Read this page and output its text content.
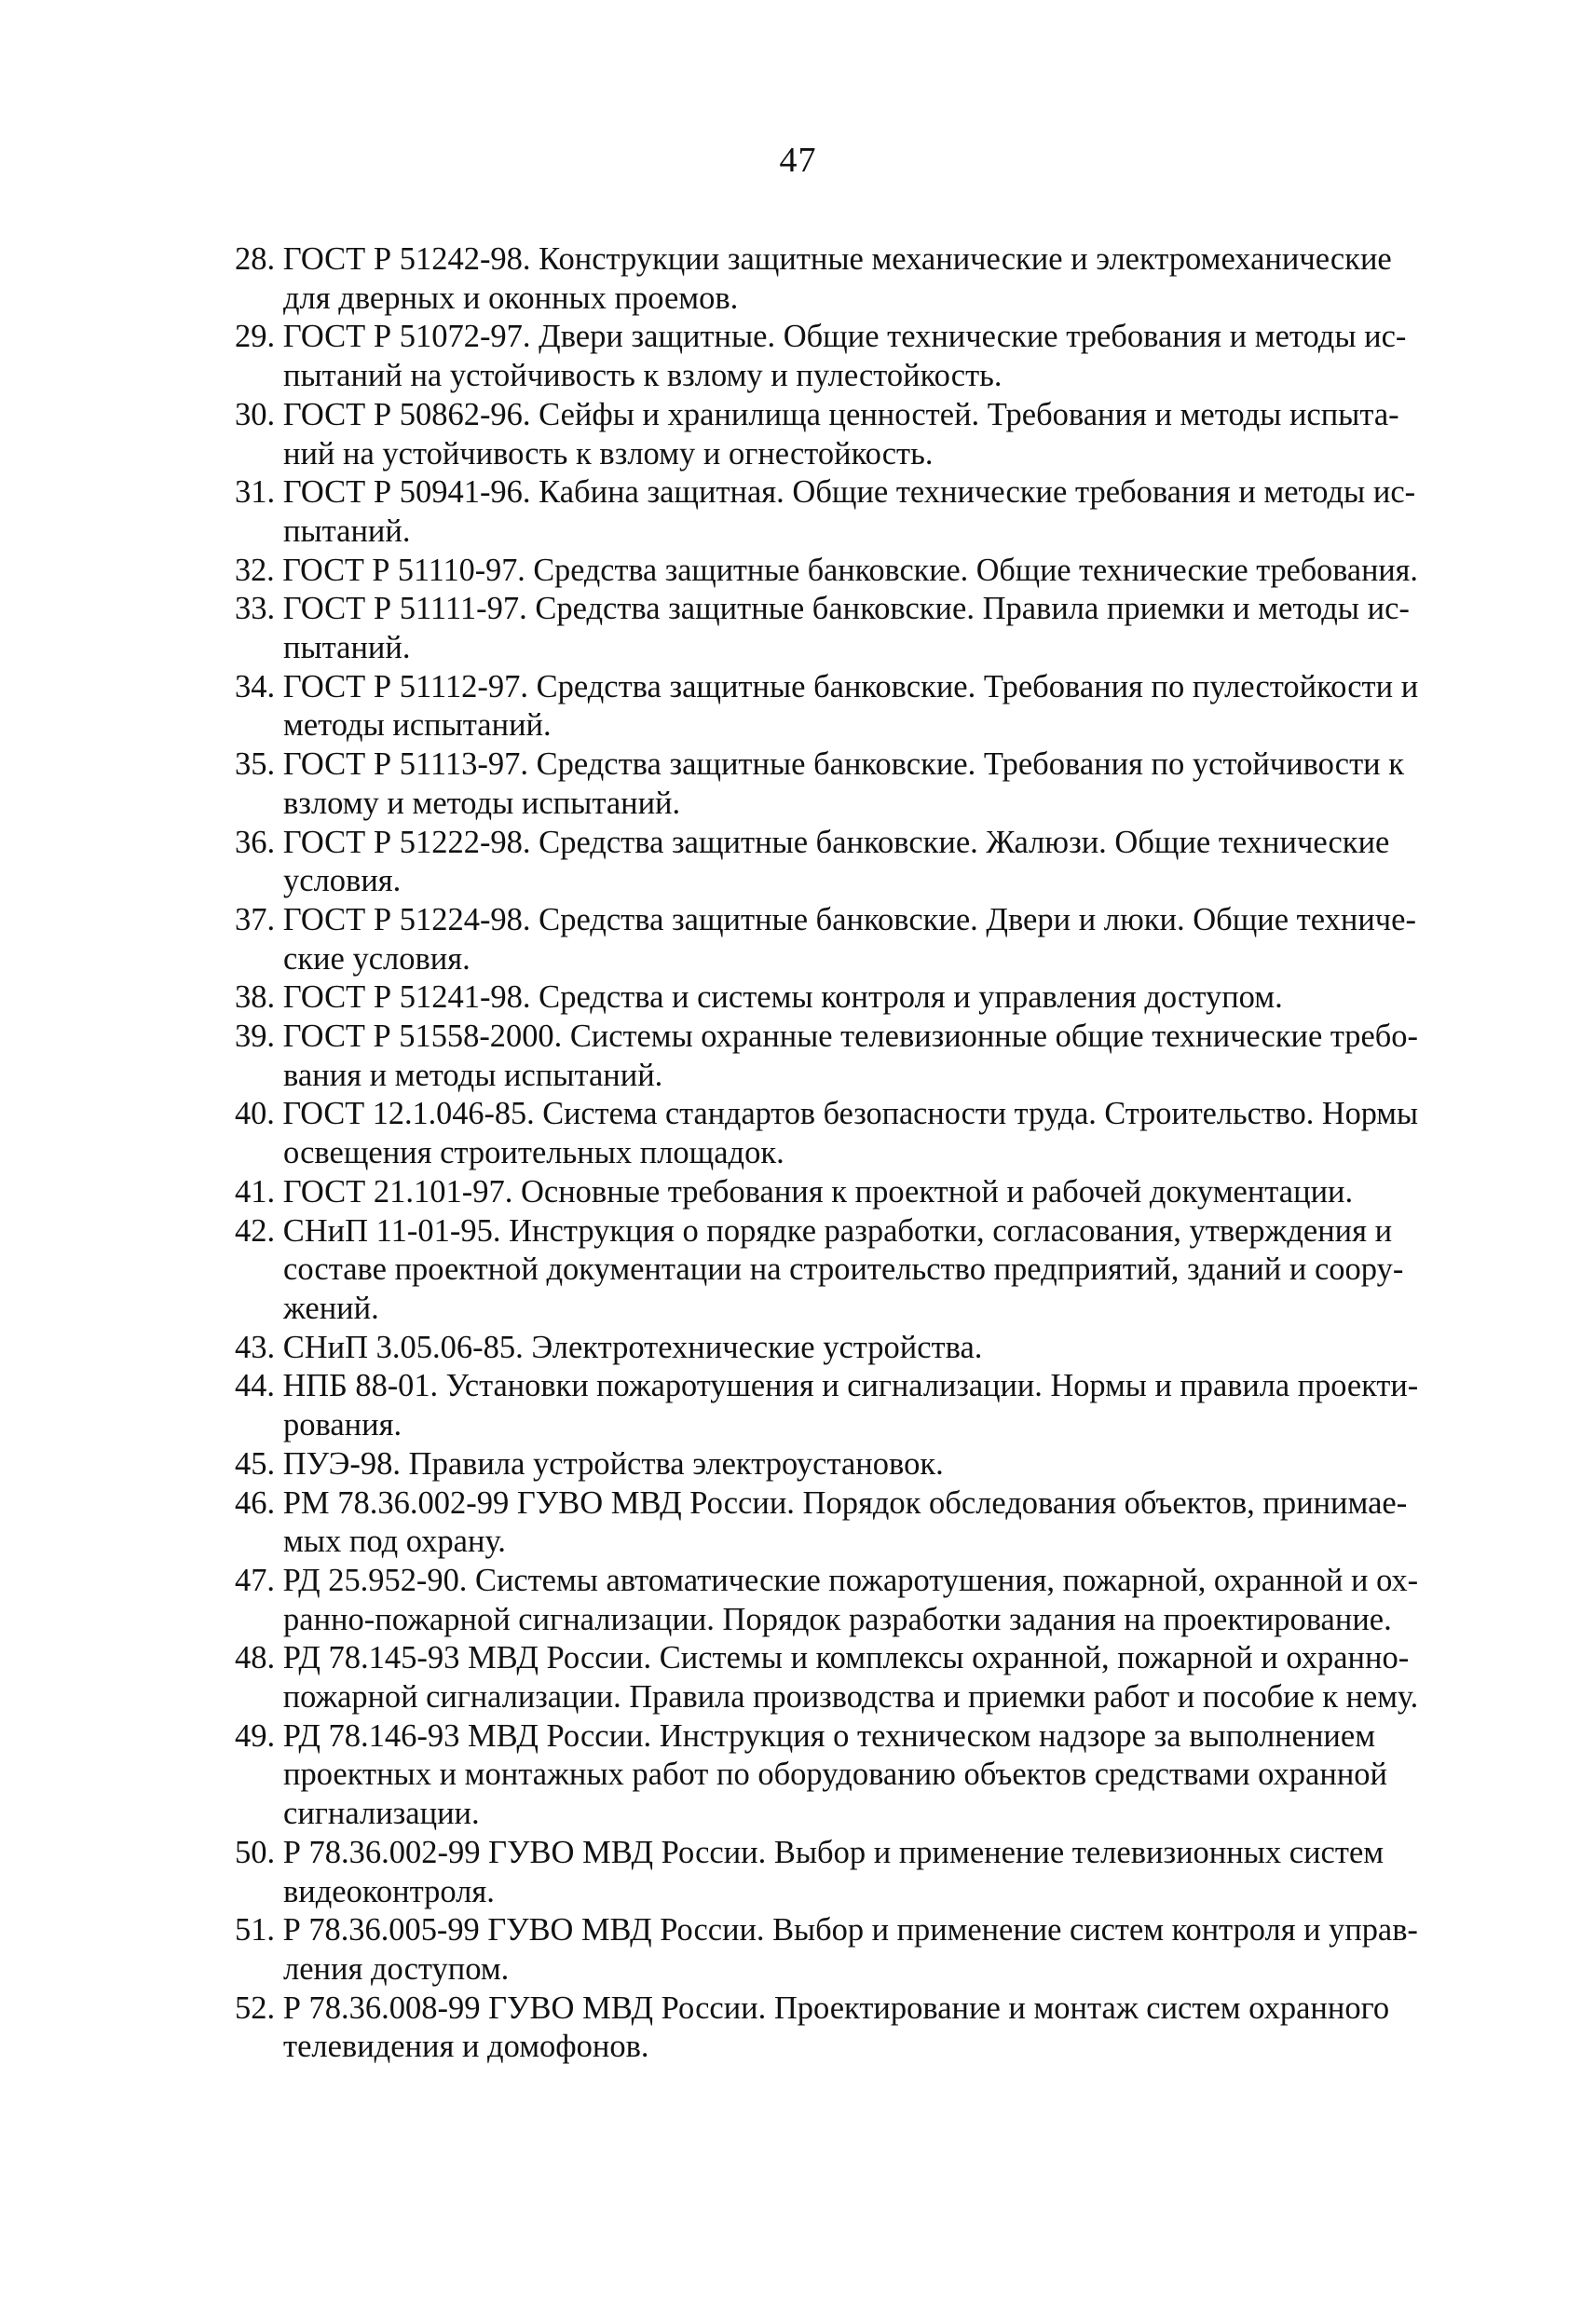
47
28. ГОСТ Р 51242-98. Конструкции защитные механические и электромеханические
для дверных и оконных проемов.
29. ГОСТ Р 51072-97. Двери защитные. Общие технические требования и методы ис-
пытаний на устойчивость к взлому и пулестойкость.
30. ГОСТ Р 50862-96. Сейфы и хранилища ценностей. Требования и методы испыта-
ний на устойчивость к взлому и огнестойкость.
31. ГОСТ Р 50941-96. Кабина защитная. Общие технические требования и методы ис-
пытаний.
32. ГОСТ Р 51110-97. Средства защитные банковские. Общие технические требования.
33. ГОСТ Р 51111-97. Средства защитные банковские. Правила приемки и методы ис-
пытаний.
34. ГОСТ Р 51112-97. Средства защитные банковские. Требования по пулестойкости и
методы испытаний.
35. ГОСТ Р 51113-97. Средства защитные банковские. Требования по устойчивости к
взлому и методы испытаний.
36. ГОСТ Р 51222-98. Средства защитные банковские. Жалюзи. Общие технические
условия.
37. ГОСТ Р 51224-98. Средства защитные банковские. Двери и люки. Общие техниче-
ские условия.
38. ГОСТ Р 51241-98. Средства и системы контроля и управления доступом.
39. ГОСТ Р 51558-2000. Системы охранные телевизионные общие технические требо-
вания и методы испытаний.
40. ГОСТ 12.1.046-85. Система стандартов безопасности труда. Строительство. Нормы
освещения строительных площадок.
41. ГОСТ 21.101-97. Основные требования к проектной и рабочей документации.
42. СНиП 11-01-95. Инструкция о порядке разработки, согласования, утверждения и
составе проектной документации на строительство предприятий, зданий и соору-
жений.
43. СНиП 3.05.06-85. Электротехнические устройства.
44. НПБ 88-01. Установки пожаротушения и сигнализации. Нормы и правила проекти-
рования.
45. ПУЭ-98. Правила устройства электроустановок.
46. РМ 78.36.002-99 ГУВО МВД России. Порядок обследования объектов, принимае-
мых под охрану.
47. РД 25.952-90. Системы автоматические пожаротушения, пожарной, охранной и ох-
ранно-пожарной сигнализации. Порядок разработки задания на проектирование.
48. РД 78.145-93 МВД России. Системы и комплексы охранной, пожарной и охранно-
пожарной сигнализации. Правила производства и приемки работ и пособие к нему.
49. РД 78.146-93 МВД России. Инструкция о техническом надзоре за выполнением
проектных и монтажных работ по оборудованию объектов средствами охранной
сигнализации.
50. Р 78.36.002-99 ГУВО МВД России. Выбор и применение телевизионных систем
видеоконтроля.
51. Р 78.36.005-99 ГУВО МВД России. Выбор и применение систем контроля и управ-
ления доступом.
52. Р 78.36.008-99 ГУВО МВД России. Проектирование и монтаж систем охранного
телевидения и домофонов.
